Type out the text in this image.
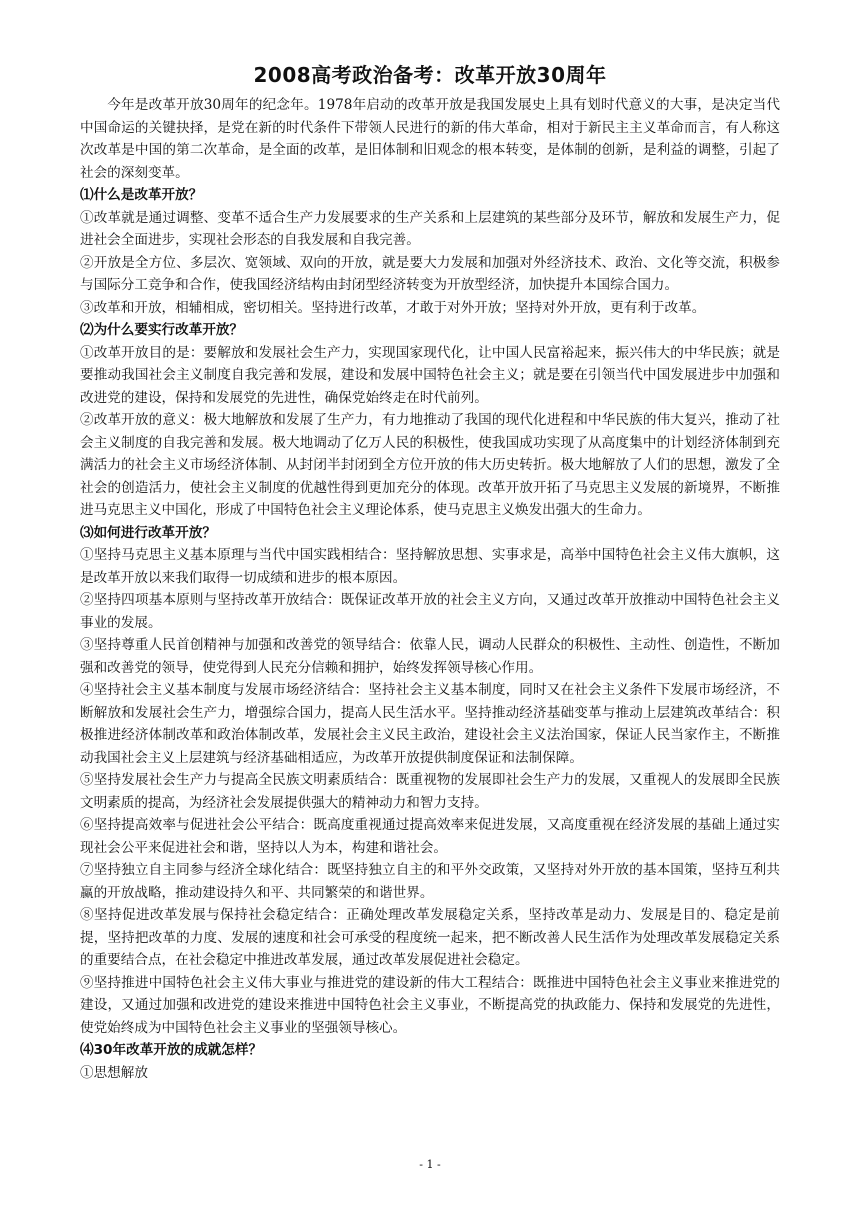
2008高考政治备考：改革开放30周年

今年是改革开放30周年的纪念年。1978年启动的改革开放是我国发展史上具有划时代意义的大事，是决定当代中国命运的关键抉择，是党在新的时代条件下带领人民进行的新的伟大革命，相对于新民主主义革命而言，有人称这次改革是中国的第二次革命，是全面的改革，是旧体制和旧观念的根本转变，是体制的创新，是利益的调整，引起了社会的深刻变革。

⑴什么是改革开放？

①改革就是通过调整、变革不适合生产力发展要求的生产关系和上层建筑的某些部分及环节，解放和发展生产力，促进社会全面进步，实现社会形态的自我发展和自我完善。

②开放是全方位、多层次、宽领域、双向的开放，就是要大力发展和加强对外经济技术、政治、文化等交流，积极参与国际分工竞争和合作，使我国经济结构由封闭型经济转变为开放型经济，加快提升本国综合国力。

③改革和开放，相辅相成，密切相关。坚持进行改革，才敢于对外开放；坚持对外开放，更有利于改革。

⑵为什么要实行改革开放？

①改革开放目的是：要解放和发展社会生产力，实现国家现代化，让中国人民富裕起来，振兴伟大的中华民族；就是要推动我国社会主义制度自我完善和发展，建设和发展中国特色社会主义；就是要在引领当代中国发展进步中加强和改进党的建设，保持和发展党的先进性，确保党始终走在时代前列。

②改革开放的意义：极大地解放和发展了生产力，有力地推动了我国的现代化进程和中华民族的伟大复兴，推动了社会主义制度的自我完善和发展。极大地调动了亿万人民的积极性，使我国成功实现了从高度集中的计划经济体制到充满活力的社会主义市场经济体制、从封闭半封闭到全方位开放的伟大历史转折。极大地解放了人们的思想，激发了全社会的创造活力，使社会主义制度的优越性得到更加充分的体现。改革开放开拓了马克思主义发展的新境界，不断推进马克思主义中国化，形成了中国特色社会主义理论体系，使马克思主义焕发出强大的生命力。

⑶如何进行改革开放？

①坚持马克思主义基本原理与当代中国实践相结合：坚持解放思想、实事求是，高举中国特色社会主义伟大旗帜，这是改革开放以来我们取得一切成绩和进步的根本原因。

②坚持四项基本原则与坚持改革开放结合：既保证改革开放的社会主义方向，又通过改革开放推动中国特色社会主义事业的发展。

③坚持尊重人民首创精神与加强和改善党的领导结合：依靠人民，调动人民群众的积极性、主动性、创造性，不断加强和改善党的领导，使党得到人民充分信赖和拥护，始终发挥领导核心作用。

④坚持社会主义基本制度与发展市场经济结合：坚持社会主义基本制度，同时又在社会主义条件下发展市场经济，不断解放和发展社会生产力，增强综合国力，提高人民生活水平。坚持推动经济基础变革与推动上层建筑改革结合：积极推进经济体制改革和政治体制改革，发展社会主义民主政治，建设社会主义法治国家，保证人民当家作主，不断推动我国社会主义上层建筑与经济基础相适应，为改革开放提供制度保证和法制保障。

⑤坚持发展社会生产力与提高全民族文明素质结合：既重视物的发展即社会生产力的发展，又重视人的发展即全民族文明素质的提高，为经济社会发展提供强大的精神动力和智力支持。

⑥坚持提高效率与促进社会公平结合：既高度重视通过提高效率来促进发展，又高度重视在经济发展的基础上通过实现社会公平来促进社会和谐，坚持以人为本，构建和谐社会。

⑦坚持独立自主同参与经济全球化结合：既坚持独立自主的和平外交政策，又坚持对外开放的基本国策，坚持互利共赢的开放战略，推动建设持久和平、共同繁荣的和谐世界。

⑧坚持促进改革发展与保持社会稳定结合：正确处理改革发展稳定关系，坚持改革是动力、发展是目的、稳定是前提，坚持把改革的力度、发展的速度和社会可承受的程度统一起来，把不断改善人民生活作为处理改革发展稳定关系的重要结合点，在社会稳定中推进改革发展，通过改革发展促进社会稳定。

⑨坚持推进中国特色社会主义伟大事业与推进党的建设新的伟大工程结合：既推进中国特色社会主义事业来推进党的建设，又通过加强和改进党的建设来推进中国特色社会主义事业，不断提高党的执政能力、保持和发展党的先进性，使党始终成为中国特色社会主义事业的坚强领导核心。

⑷30年改革开放的成就怎样？

①思想解放

- 1 -
